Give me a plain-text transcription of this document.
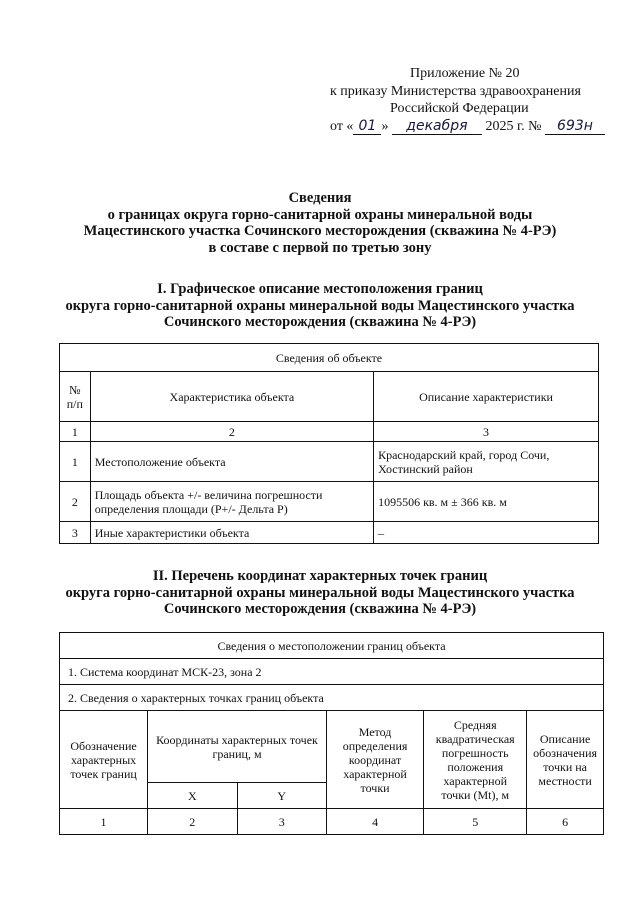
Приложение № 20
к приказу Министерства здравоохранения
Российской Федерации
от « 01 » декабря 2025 г. № 693н
Сведения
о границах округа горно-санитарной охраны минеральной воды
Мацестинского участка Сочинского месторождения (скважина № 4-РЭ)
в составе с первой по третью зону
I. Графическое описание местоположения границ
округа горно-санитарной охраны минеральной воды Мацестинского участка
Сочинского месторождения (скважина № 4-РЭ)
Сведения об объекте		
№ п/п	Характеристика объекта	Описание характеристики
1	2	3
1	Местоположение объекта	Краснодарский край, город Сочи, Хостинский район
2	Площадь объекта +/- величина погрешности определения площади (Р+/- Дельта Р)	1095506 кв. м ± 366 кв. м
3	Иные характеристики объекта	–
II. Перечень координат характерных точек границ
округа горно-санитарной охраны минеральной воды Мацестинского участка
Сочинского месторождения (скважина № 4-РЭ)
Сведения о местоположении границ объекта					
1. Система координат МСК-23, зона 2					
2. Сведения о характерных точках границ объекта					
Обозначение характерных точек границ	Координаты характерных точек границ, м		Метод определения координат характерной точки	Средняя квадратическая погрешность положения характерной точки (Mt), м	Описание обозначения точки на местности
	X	Y			
1	2	3	4	5	6
